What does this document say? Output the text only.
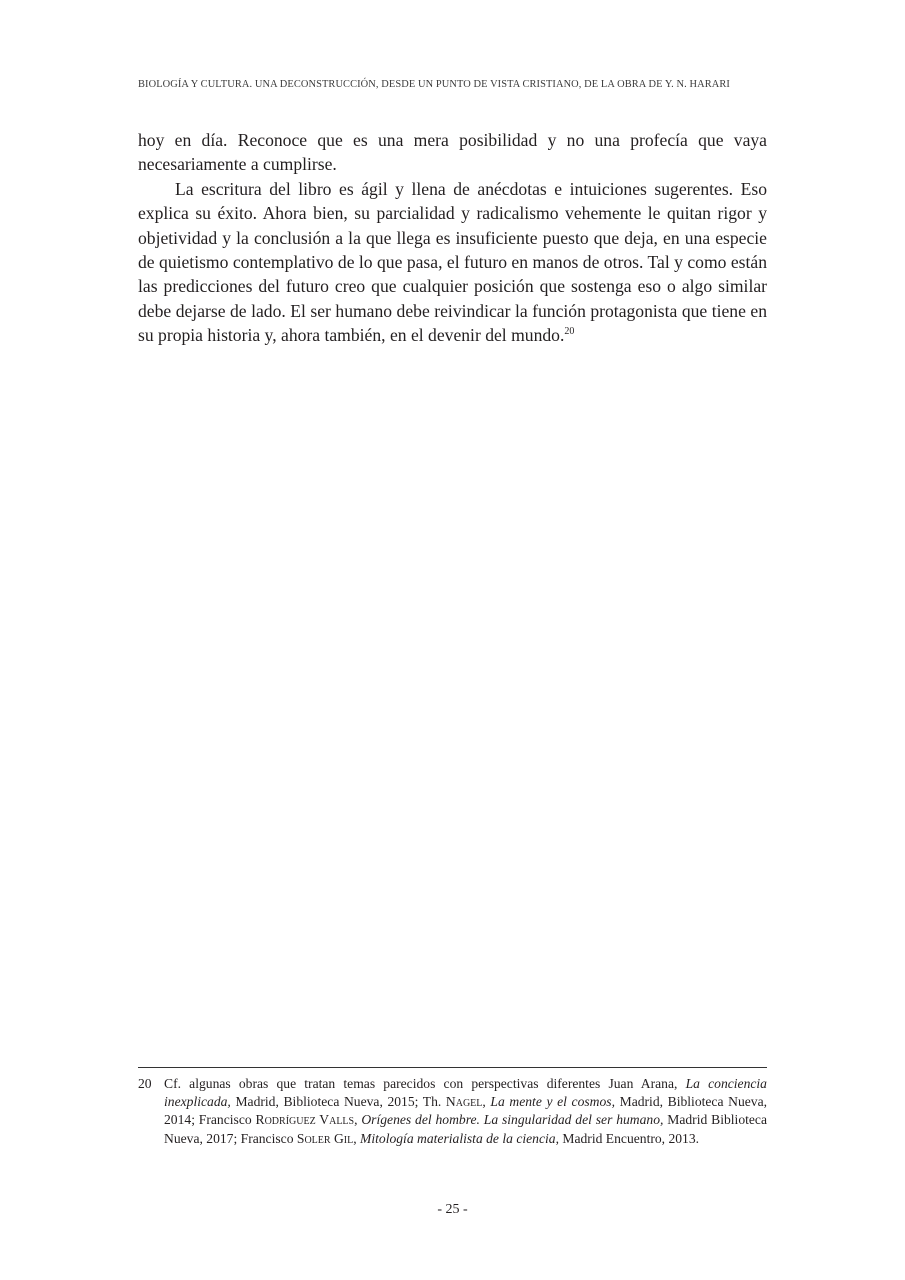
BIOLOGÍA Y CULTURA. UNA DECONSTRUCCIÓN, DESDE UN PUNTO DE VISTA CRISTIANO, DE LA OBRA DE Y. N. HARARI

hoy en día. Reconoce que es una mera posibilidad y no una profecía que vaya necesariamente a cumplirse.

La escritura del libro es ágil y llena de anécdotas e intuiciones sugerentes. Eso explica su éxito. Ahora bien, su parcialidad y radicalismo vehemente le quitan rigor y objetividad y la conclusión a la que llega es insuficiente puesto que deja, en una especie de quietismo contemplativo de lo que pasa, el futuro en manos de otros. Tal y como están las predicciones del futuro creo que cualquier posición que sostenga eso o algo similar debe dejarse de lado. El ser humano debe reivindicar la función protagonista que tiene en su propia historia y, ahora también, en el devenir del mundo.$^{20}$

20 Cf. algunas obras que tratan temas parecidos con perspectivas diferentes Juan Arana, La conciencia inexplicada, Madrid, Biblioteca Nueva, 2015; Th. Nagel, La mente y el cosmos, Madrid, Biblioteca Nueva, 2014; Francisco Rodríguez Valls, Orígenes del hombre. La singularidad del ser humano, Madrid Biblioteca Nueva, 2017; Francisco Soler Gil, Mitología materialista de la ciencia, Madrid Encuentro, 2013.
- 25 -
